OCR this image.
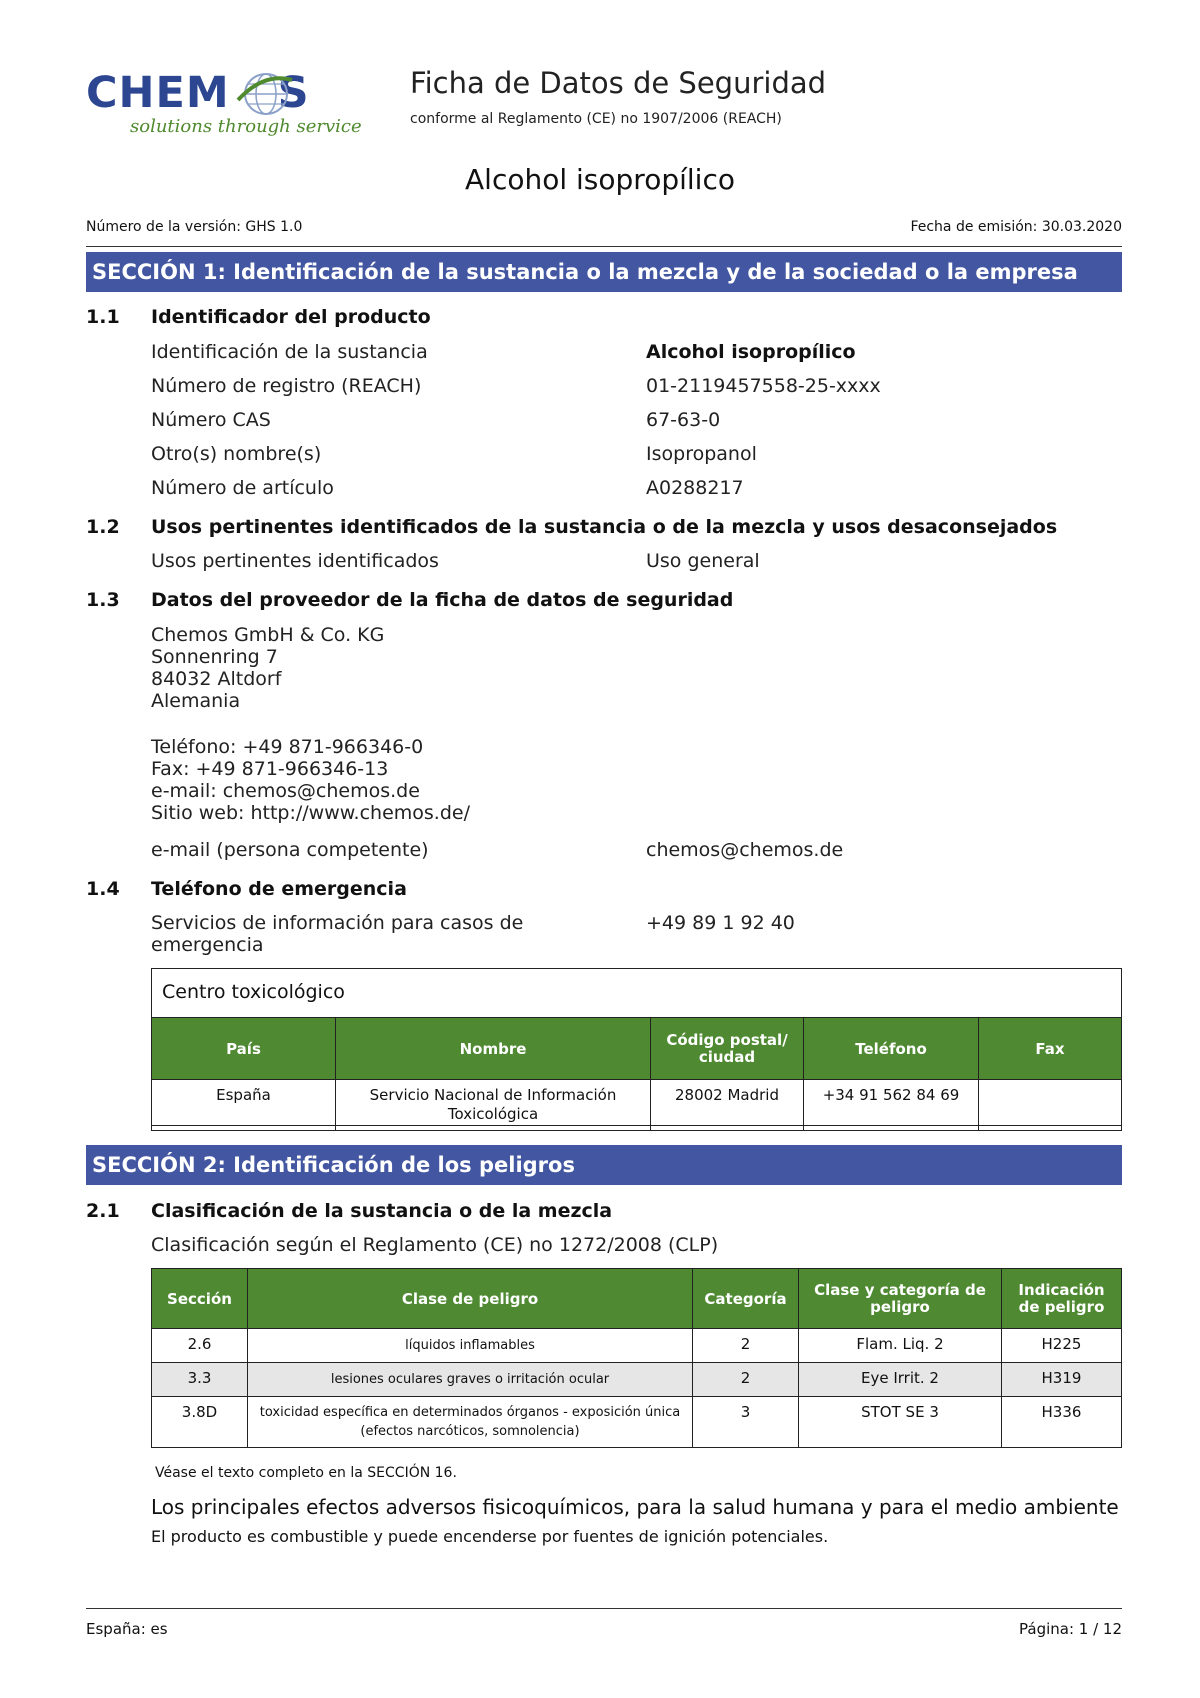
CHEM   S
solutions through service
Ficha de Datos de Seguridad
conforme al Reglamento (CE) no 1907/2006 (REACH)
Alcohol isopropílico
Número de la versión: GHS 1.0	Fecha de emisión: 30.03.2020
SECCIÓN 1: Identificación de la sustancia o la mezcla y de la sociedad o la empresa
1.1 Identificador del producto
Identificación de la sustancia	Alcohol isopropílico
Número de registro (REACH)	01-2119457558-25-xxxx
Número CAS	67-63-0
Otro(s) nombre(s)	Isopropanol
Número de artículo	A0288217
1.2 Usos pertinentes identificados de la sustancia o de la mezcla y usos desaconsejados
Usos pertinentes identificados	Uso general
1.3 Datos del proveedor de la ficha de datos de seguridad
Chemos GmbH & Co. KG
Sonnenring 7
84032 Altdorf
Alemania
Teléfono: +49 871-966346-0
Fax: +49 871-966346-13
e-mail: chemos@chemos.de
Sitio web: http://www.chemos.de/
e-mail (persona competente)	chemos@chemos.de
1.4 Teléfono de emergencia
Servicios de información para casos de
emergencia
+49 89 1 92 40
Centro toxicológico
País	Nombre	Código postal/ ciudad	Teléfono	Fax
España	Servicio Nacional de Información Toxicológica	28002 Madrid	+34 91 562 84 69	
SECCIÓN 2: Identificación de los peligros
2.1 Clasificación de la sustancia o de la mezcla
Clasificación según el Reglamento (CE) no 1272/2008 (CLP)
Sección	Clase de peligro	Categoría	Clase y categoría de peligro	Indicación de peligro
2.6	líquidos inflamables	2	Flam. Liq. 2	H225
3.3	lesiones oculares graves o irritación ocular	2	Eye Irrit. 2	H319
3.8D	toxicidad específica en determinados órganos - exposición única (efectos narcóticos, somnolencia)	3	STOT SE 3	H336
Véase el texto completo en la SECCIÓN 16.
Los principales efectos adversos fisicoquímicos, para la salud humana y para el medio ambiente
El producto es combustible y puede encenderse por fuentes de ignición potenciales.
España: es	Página: 1 / 12
